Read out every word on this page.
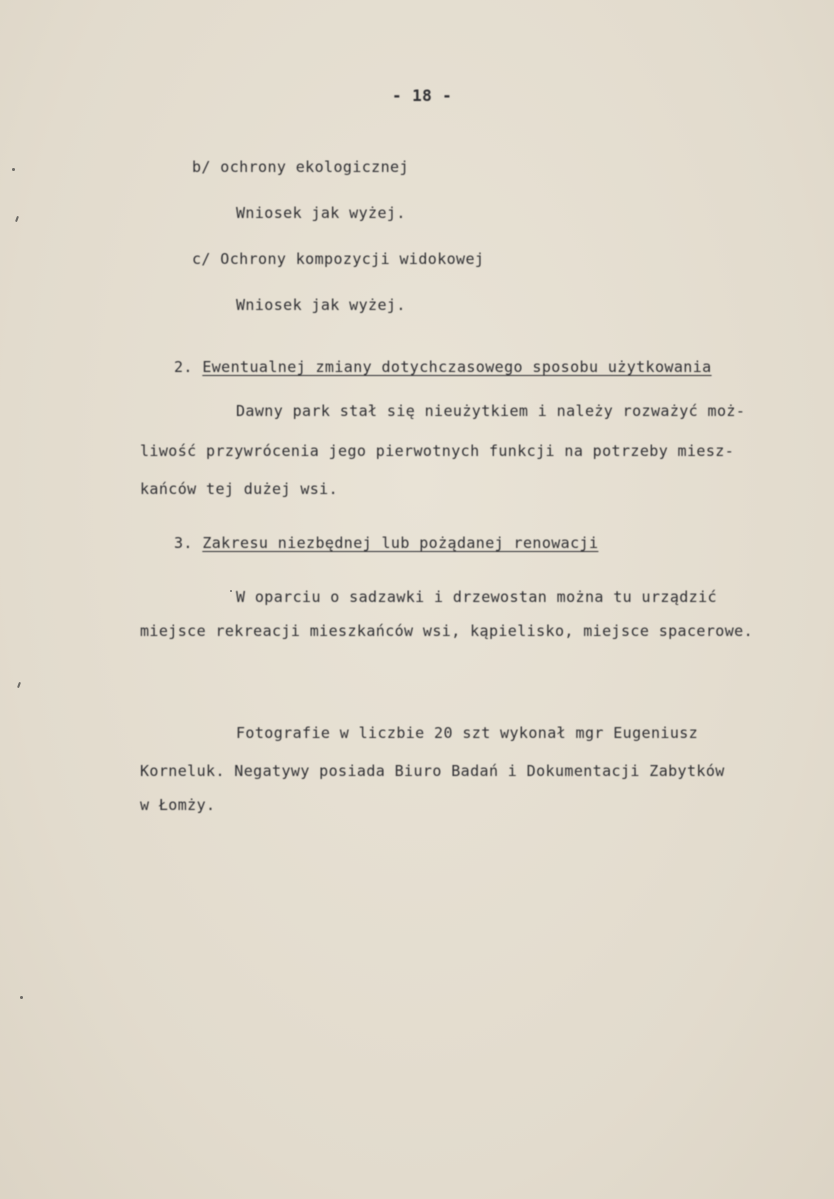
- 18 -
b/ ochrony ekologicznej
Wniosek jak wyżej.
c/ Ochrony kompozycji widokowej
Wniosek jak wyżej.
2. Ewentualnej zmiany dotychczasowego sposobu użytkowania
Dawny park stał się nieużytkiem i należy rozważyć moż-
liwość przywrócenia jego pierwotnych funkcji na potrzeby miesz-
kańców tej dużej wsi.
3. Zakresu niezbędnej lub pożądanej renowacji
W oparciu o sadzawki i drzewostan można tu urządzić
miejsce rekreacji mieszkańców wsi, kąpielisko, miejsce spacerowe.
Fotografie w liczbie 20 szt wykonał mgr Eugeniusz
Korneluk. Negatywy posiada Biuro Badań i Dokumentacji Zabytków
w Łomży.
